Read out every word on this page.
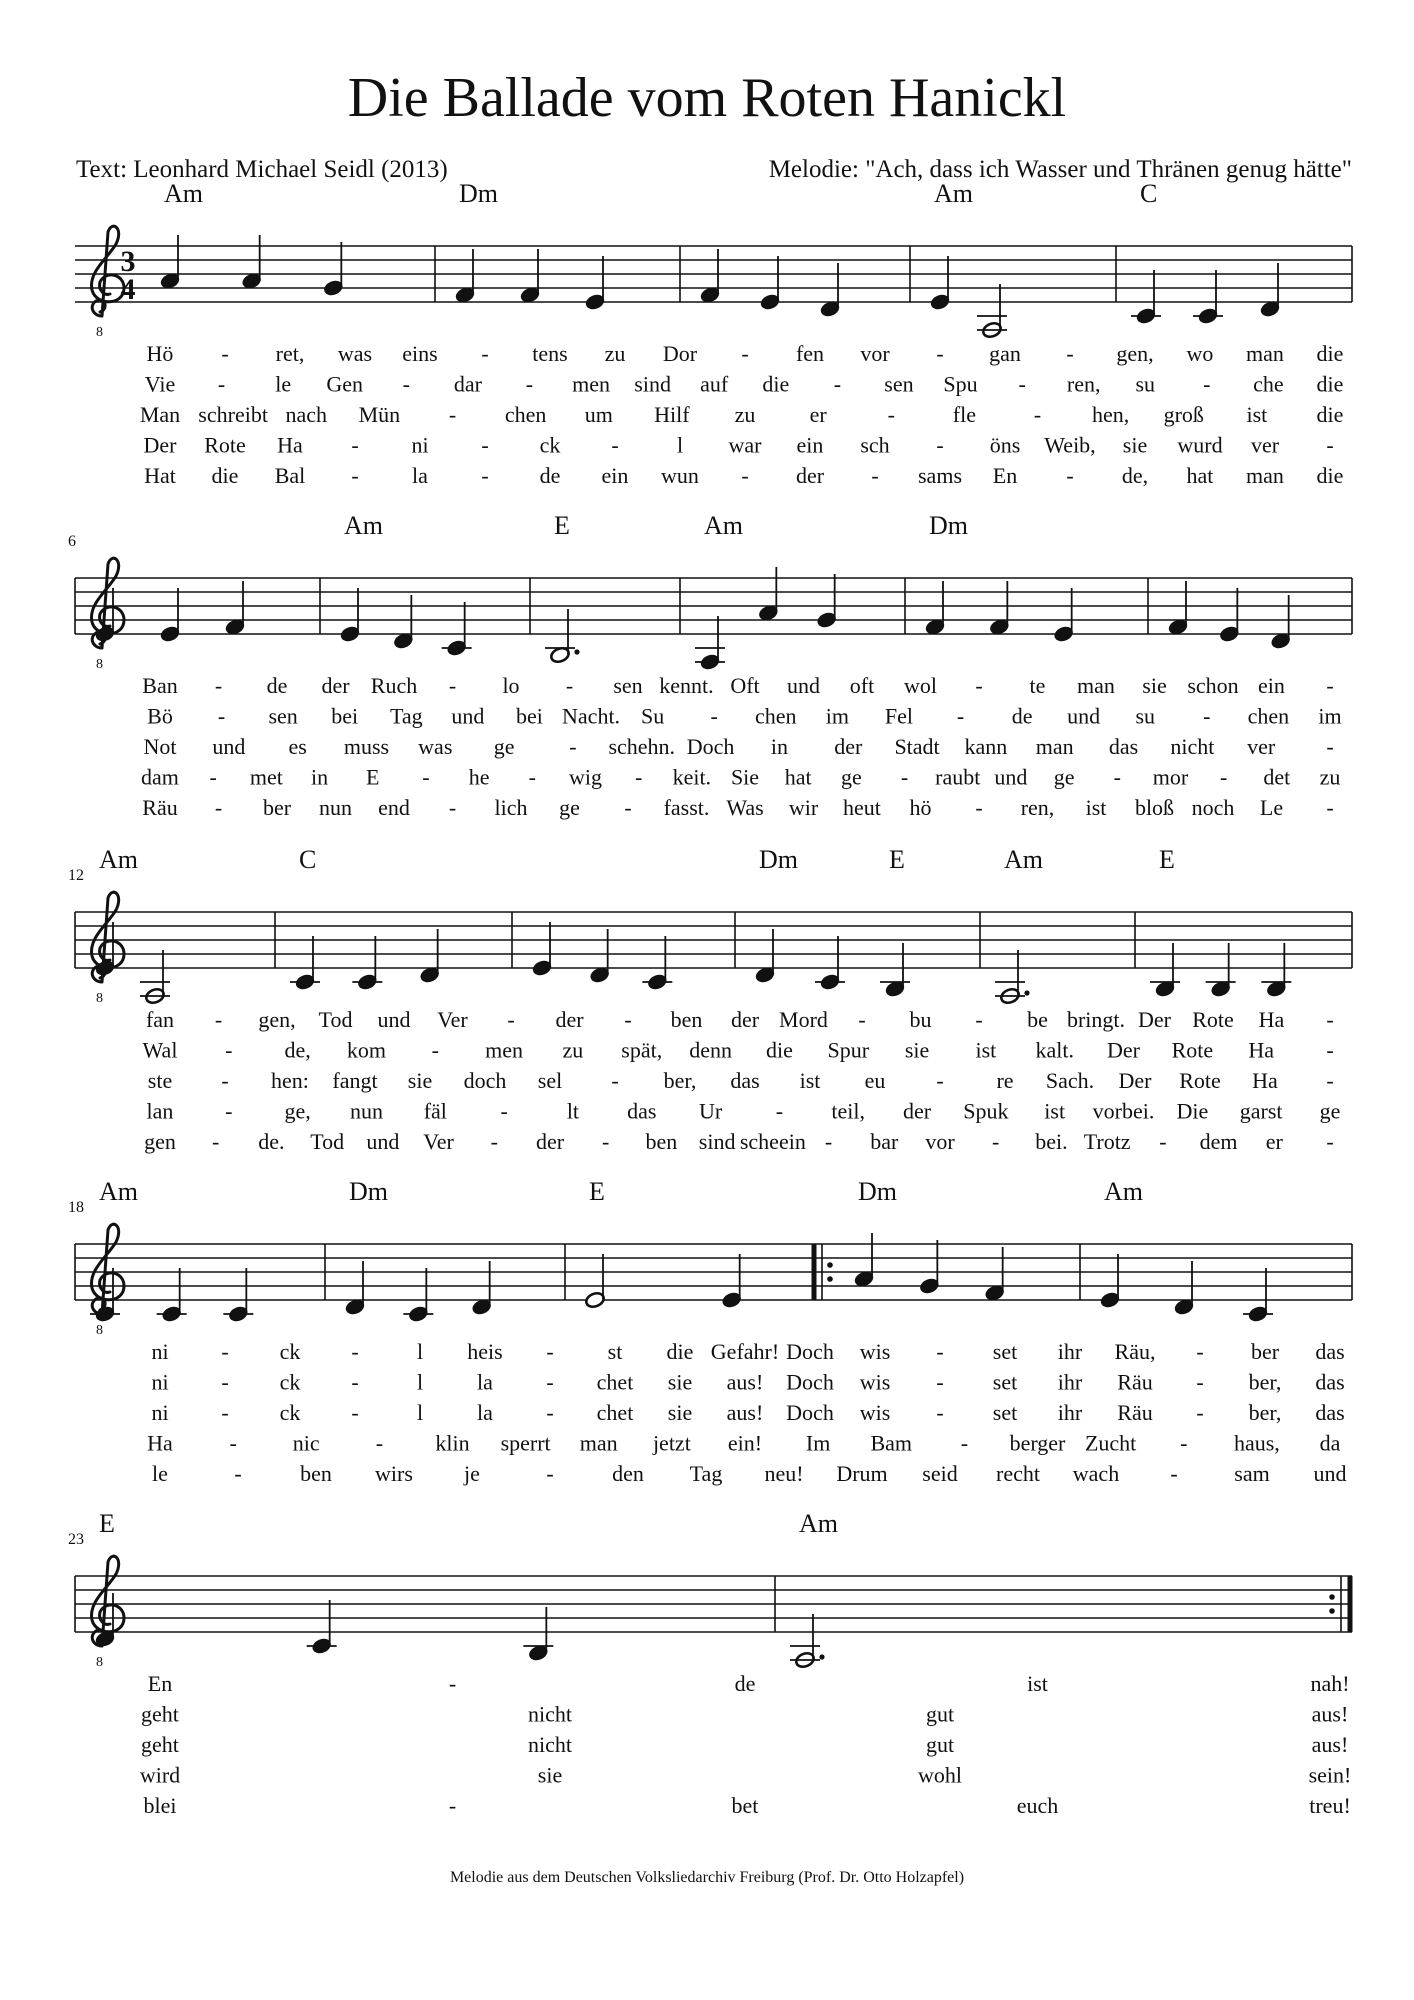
Die Ballade vom Roten Hanickl
Text: Leonhard Michael Seidl (2013)	Melodie: "Ach, dass ich Wasser und Thränen genug hätte"
8
3
4
Am	Dm	Am	C
Hö - ret, was eins - tens zu Dor - fen vor - gan - gen, wo man die
Vie - le Gen - dar - men sind auf die - sen Spu - ren, su - che die
Man schreibt nach Mün - chen um Hilf zu er	-	fle	- hen, groß ist die
Der Rote Ha - ni - ck -	l war ein sch - öns Weib, sie wurd ver -
Hat die Bal - la - de ein wun - der - sams En - de, hat man die
8
6
Am	E	Am	Dm
Ban - de der Ruch - lo - sen kennt. Oft und oft wol - te man sie schon ein -
Bö - sen bei Tag und bei Nacht. Su - chen im Fel - de und su - chen im
Not und es muss was ge - schehn. Doch in der Stadt kann man das nicht ver -
dam - met in E - he - wig - keit. Sie hat ge - raubt und ge - mor - det zu
Räu - ber nun end - lich ge - fasst. Was wir heut hö - ren, ist bloß noch Le -
8
12
Am	C	Dm	E	Am	E
fan - gen, Tod und Ver - der - ben der Mord - bu - be bringt. Der Rote Ha -
Wal - de, kom - men zu spät, denn die Spur sie ist kalt. Der Rote Ha -
ste - hen: fangt sie doch sel - ber, das ist eu - re Sach. Der Rote Ha -
lan - ge, nun fäl -	lt das Ur - teil, der Spuk ist vorbei. Die garst ge
gen - de. Tod und Ver - der - ben sind scheein - bar vor - bei. Trotz - dem er -
8
18
Am	Dm	E	Dm	Am
ni - ck -	l heis - st die Gefahr! Doch wis - set ihr Räu, - ber das
ni - ck -	l la - chet sie aus! Doch wis - set ihr Räu - ber, das
ni - ck -	l la - chet sie aus! Doch wis - set ihr Räu - ber, das
Ha	-	nic	- klin sperrt man jetzt ein! Im Bam - berger Zucht - haus, da
le	-	ben wirs je	-	den Tag neu! Drum seid recht wach -	sam und
8
23
E	Am
En	-	de	ist	nah!
geht	nicht	gut	aus!
geht	nicht	gut	aus!
wird	sie	wohl	sein!
blei	-	bet	euch	treu!
Melodie aus dem Deutschen Volksliedarchiv Freiburg (Prof. Dr. Otto Holzapfel)
